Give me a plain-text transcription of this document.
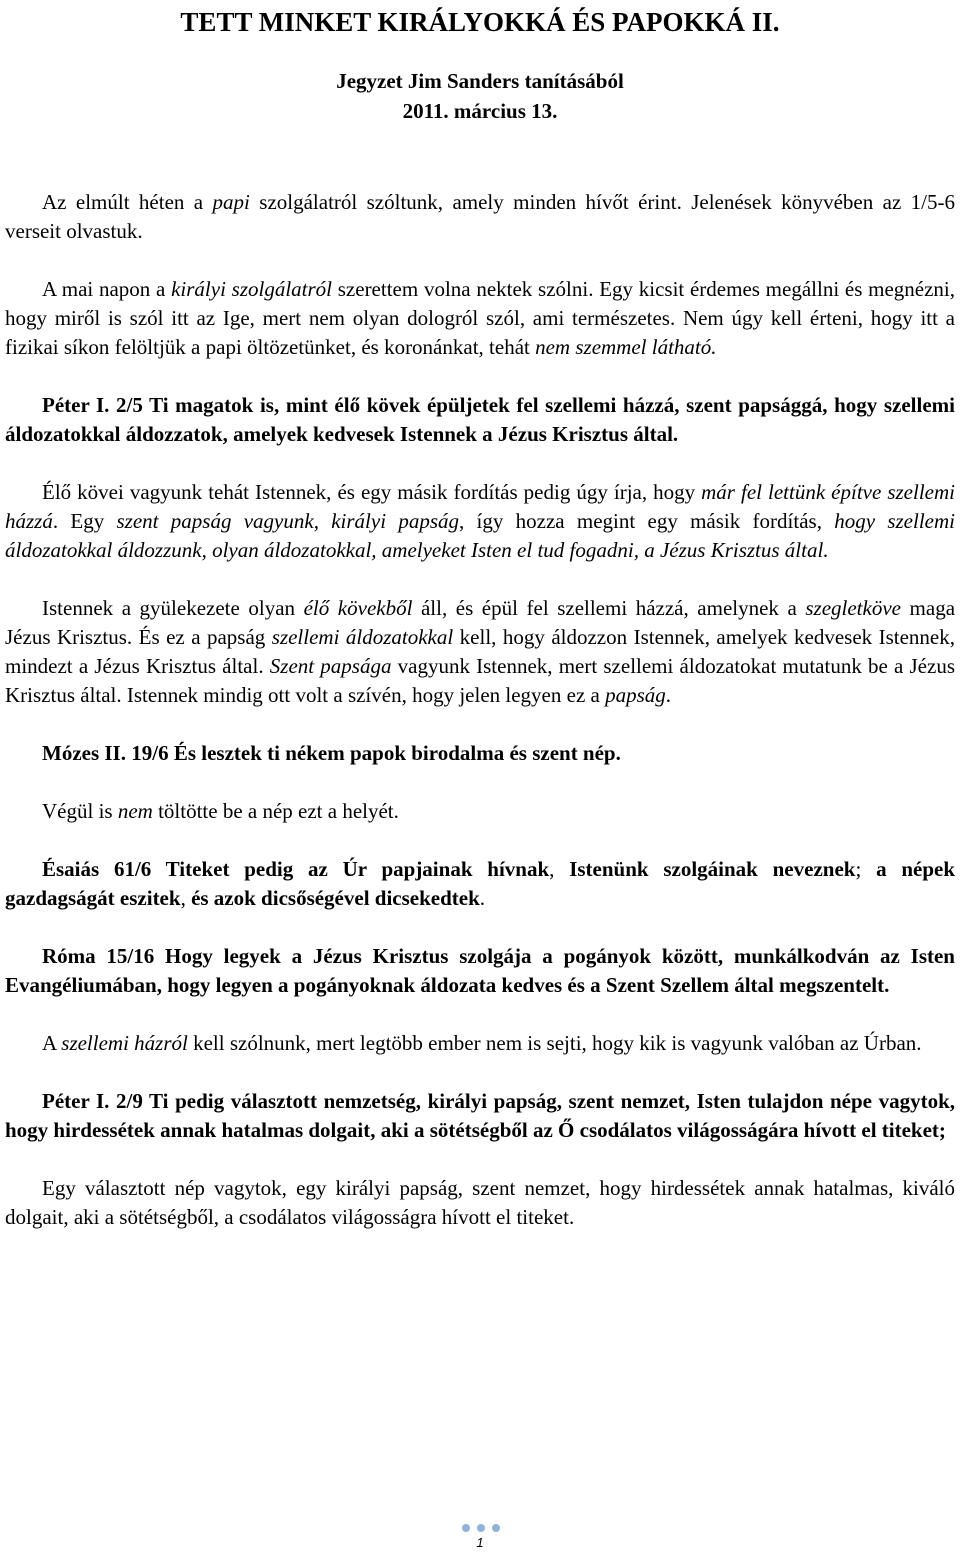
TETT MINKET KIRÁLYOKKÁ ÉS PAPOKKÁ II.
Jegyzet Jim Sanders tanításából
2011. március 13.

Az elmúlt héten a papi szolgálatról szóltunk, amely minden hívőt érint. Jelenések könyvében az 1/5-6 verseit olvastuk.

A mai napon a királyi szolgálatról szerettem volna nektek szólni. Egy kicsit érdemes megállni és megnézni, hogy miről is szól itt az Ige, mert nem olyan dologról szól, ami természetes. Nem úgy kell érteni, hogy itt a fizikai síkon felöltjük a papi öltözetünket, és koronánkat, tehát nem szemmel látható.

Péter I. 2/5 Ti magatok is, mint élő kövek épüljetek fel szellemi házzá, szent papsággá, hogy szellemi áldozatokkal áldozzatok, amelyek kedvesek Istennek a Jézus Krisztus által.

Élő kövei vagyunk tehát Istennek, és egy másik fordítás pedig úgy írja, hogy már fel lettünk építve szellemi házzá. Egy szent papság vagyunk, királyi papság, így hozza megint egy másik fordítás, hogy szellemi áldozatokkal áldozzunk, olyan áldozatokkal, amelyeket Isten el tud fogadni, a Jézus Krisztus által.

Istennek a gyülekezete olyan élő kövekből áll, és épül fel szellemi házzá, amelynek a szegletköve maga Jézus Krisztus. És ez a papság szellemi áldozatokkal kell, hogy áldozzon Istennek, amelyek kedvesek Istennek, mindezt a Jézus Krisztus által. Szent papsága vagyunk Istennek, mert szellemi áldozatokat mutatunk be a Jézus Krisztus által. Istennek mindig ott volt a szívén, hogy jelen legyen ez a papság.

Mózes II. 19/6 És lesztek ti nékem papok birodalma és szent nép.

Végül is nem töltötte be a nép ezt a helyét.

Ésaiás 61/6 Titeket pedig az Úr papjainak hívnak, Istenünk szolgáinak neveznek; a népek gazdagságát eszitek, és azok dicsőségével dicsekedtek.

Róma 15/16 Hogy legyek a Jézus Krisztus szolgája a pogányok között, munkálkodván az Isten Evangéliumában, hogy legyen a pogányoknak áldozata kedves és a Szent Szellem által megszentelt.

A szellemi házról kell szólnunk, mert legtöbb ember nem is sejti, hogy kik is vagyunk valóban az Úrban.

Péter I. 2/9 Ti pedig választott nemzetség, királyi papság, szent nemzet, Isten tulajdon népe vagytok, hogy hirdessétek annak hatalmas dolgait, aki a sötétségből az Ő csodálatos világosságára hívott el titeket;

Egy választott nép vagytok, egy királyi papság, szent nemzet, hogy hirdessétek annak hatalmas, kiváló dolgait, aki a sötétségből, a csodálatos világosságra hívott el titeket.

1
